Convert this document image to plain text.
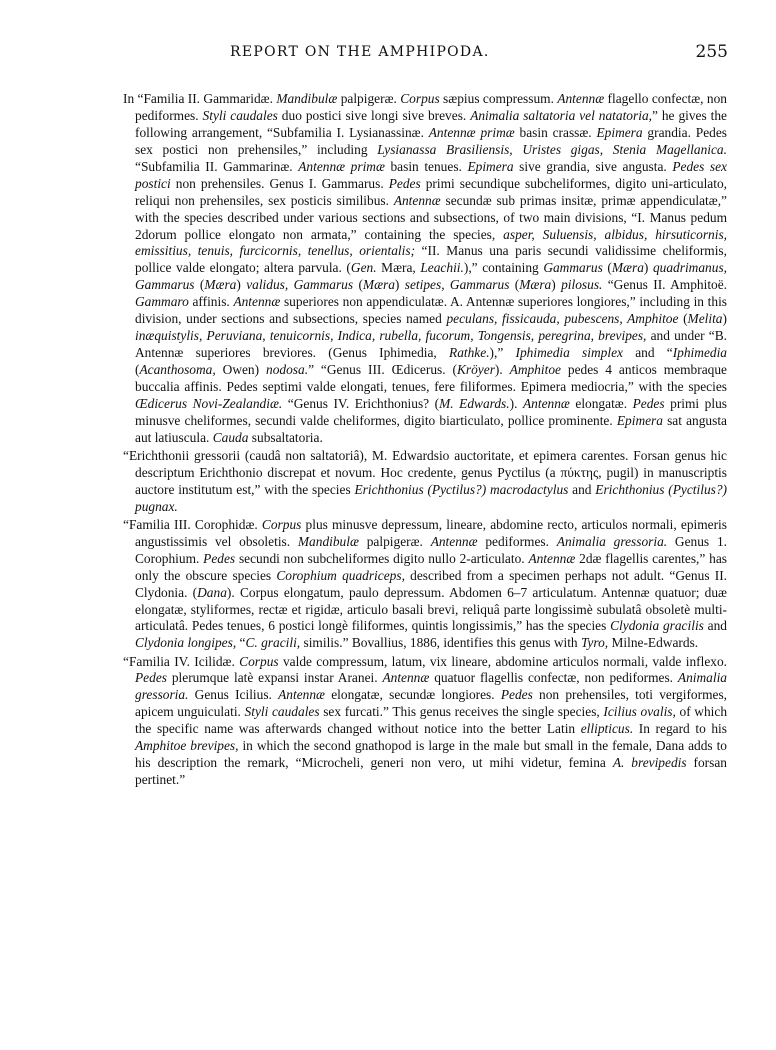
REPORT ON THE AMPHIPODA.	255

In “Familia II. Gammaridæ. Mandibulæ palpigeræ. Corpus sæpius compressum. Antennæ flagello confectæ, non pediformes. Styli caudales duo postici sive longi sive breves. Animalia saltatoria vel natatoria,” he gives the following arrangement, “Subfamilia I. Lysianassinæ. Antennæ primæ basin crassæ. Epimera grandia. Pedes sex postici non prehensiles,” including Lysianassa Brasiliensis, Uristes gigas, Stenia Magellanica. “Subfamilia II. Gammarinæ. Antennæ primæ basin tenues. Epimera sive grandia, sive angusta. Pedes sex postici non prehensiles. Genus I. Gammarus. Pedes primi secundique subcheliformes, digito uni-articulato, reliqui non prehensiles, sex posticis similibus. Antennæ secundæ sub primas insitæ, primæ appendiculatæ,” with the species described under various sections and subsections, of two main divisions, “I. Manus pedum 2dorum pollice elongato non armata,” containing the species, asper, Suluensis, albidus, hirsuticornis, emissitius, tenuis, furcicornis, tenellus, orientalis; “II. Manus una paris secundi validissime cheliformis, pollice valde elongato; altera parvula. (Gen. Mæra, Leachii.),” containing Gammarus (Mæra) quadrimanus, Gammarus (Mæra) validus, Gammarus (Mæra) setipes, Gammarus (Mæra) pilosus. “Genus II. Amphitoë. Gammaro affinis. Antennæ superiores non appendiculatæ. A. Antennæ superiores longiores,” including in this division, under sections and subsections, species named peculans, fissicauda, pubescens, Amphitoe (Melita) inæquistylis, Peruviana, tenuicornis, Indica, rubella, fucorum, Tongensis, peregrina, brevipes, and under “B. Antennæ superiores breviores. (Genus Iphimedia, Rathke.),” Iphimedia simplex and “Iphimedia (Acanthosoma, Owen) nodosa.” “Genus III. Œdicerus. (Kröyer). Amphitoe pedes 4 anticos membraque buccalia affinis. Pedes septimi valde elongati, tenues, fere filiformes. Epimera mediocria,” with the species Œdicerus Novi-Zealandiæ. “Genus IV. Erichthonius? (M. Edwards.). Antennæ elongatæ. Pedes primi plus minusve cheliformes, secundi valde cheliformes, digito biarticulato, pollice prominente. Epimera sat angusta aut latiuscula. Cauda subsaltatoria.

“Erichthonii gressorii (caudâ non saltatoriâ), M. Edwardsio auctoritate, et epimera carentes. Forsan genus hic descriptum Erichthonio discrepat et novum. Hoc credente, genus Pyctilus (a πύκτης, pugil) in manuscriptis auctore institutum est,” with the species Erichthonius (Pyctilus?) macrodactylus and Erichthonius (Pyctilus?) pugnax.

“Familia III. Corophidæ. Corpus plus minusve depressum, lineare, abdomine recto, articulos normali, epimeris angustissimis vel obsoletis. Mandibulæ palpigeræ. Antennæ pediformes. Animalia gressoria. Genus 1. Corophium. Pedes secundi non subcheliformes digito nullo 2-articulato. Antennæ 2dæ flagellis carentes,” has only the obscure species Corophium quadriceps, described from a specimen perhaps not adult. “Genus II. Clydonia. (Dana). Corpus elongatum, paulo depressum. Abdomen 6–7 articulatum. Antennæ quatuor; duæ elongatæ, styliformes, rectæ et rigidæ, articulo basali brevi, reliquâ parte longissimè subulatâ obsoletè multi-articulatâ. Pedes tenues, 6 postici longè filiformes, quintis longissimis,” has the species Clydonia gracilis and Clydonia longipes, “C. gracili, similis.” Bovallius, 1886, identifies this genus with Tyro, Milne-Edwards.

“Familia IV. Icilidæ. Corpus valde compressum, latum, vix lineare, abdomine articulos normali, valde inflexo. Pedes plerumque latè expansi instar Aranei. Antennæ quatuor flagellis confectæ, non pediformes. Animalia gressoria. Genus Icilius. Antennæ elongatæ, secundæ longiores. Pedes non prehensiles, toti vergiformes, apicem unguiculati. Styli caudales sex furcati.” This genus receives the single species, Icilius ovalis, of which the specific name was afterwards changed without notice into the better Latin ellipticus. In regard to his Amphitoe brevipes, in which the second gnathopod is large in the male but small in the female, Dana adds to his description the remark, “Microcheli, generi non vero, ut mihi videtur, femina A. brevipedis forsan pertinet.”
